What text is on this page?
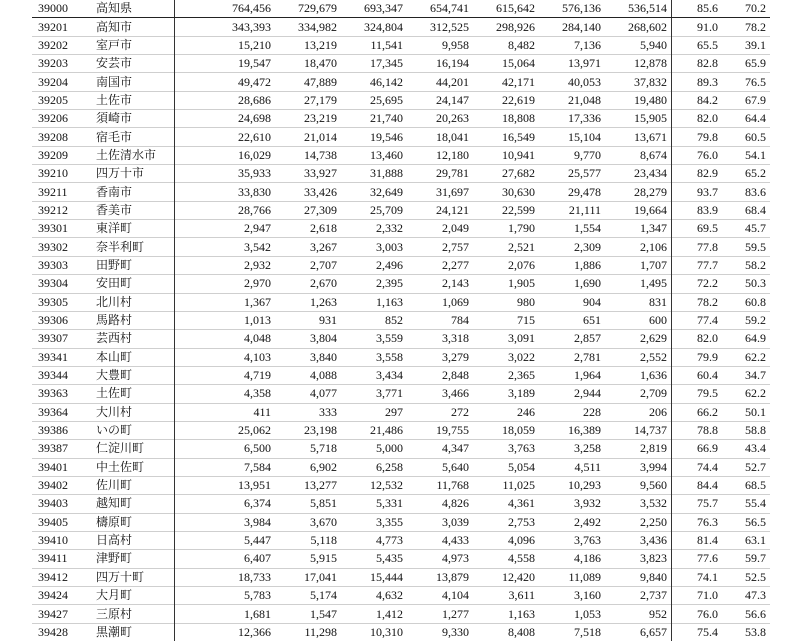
39000	高知県	764,456	729,679	693,347	654,741	615,642	576,136	536,514	85.6	70.2
39201	高知市	343,393	334,982	324,804	312,525	298,926	284,140	268,602	91.0	78.2
39202	室戸市	15,210	13,219	11,541	9,958	8,482	7,136	5,940	65.5	39.1
39203	安芸市	19,547	18,470	17,345	16,194	15,064	13,971	12,878	82.8	65.9
39204	南国市	49,472	47,889	46,142	44,201	42,171	40,053	37,832	89.3	76.5
39205	土佐市	28,686	27,179	25,695	24,147	22,619	21,048	19,480	84.2	67.9
39206	須崎市	24,698	23,219	21,740	20,263	18,808	17,336	15,905	82.0	64.4
39208	宿毛市	22,610	21,014	19,546	18,041	16,549	15,104	13,671	79.8	60.5
39209	土佐清水市	16,029	14,738	13,460	12,180	10,941	9,770	8,674	76.0	54.1
39210	四万十市	35,933	33,927	31,888	29,781	27,682	25,577	23,434	82.9	65.2
39211	香南市	33,830	33,426	32,649	31,697	30,630	29,478	28,279	93.7	83.6
39212	香美市	28,766	27,309	25,709	24,121	22,599	21,111	19,664	83.9	68.4
39301	東洋町	2,947	2,618	2,332	2,049	1,790	1,554	1,347	69.5	45.7
39302	奈半利町	3,542	3,267	3,003	2,757	2,521	2,309	2,106	77.8	59.5
39303	田野町	2,932	2,707	2,496	2,277	2,076	1,886	1,707	77.7	58.2
39304	安田町	2,970	2,670	2,395	2,143	1,905	1,690	1,495	72.2	50.3
39305	北川村	1,367	1,263	1,163	1,069	980	904	831	78.2	60.8
39306	馬路村	1,013	931	852	784	715	651	600	77.4	59.2
39307	芸西村	4,048	3,804	3,559	3,318	3,091	2,857	2,629	82.0	64.9
39341	本山町	4,103	3,840	3,558	3,279	3,022	2,781	2,552	79.9	62.2
39344	大豊町	4,719	4,088	3,434	2,848	2,365	1,964	1,636	60.4	34.7
39363	土佐町	4,358	4,077	3,771	3,466	3,189	2,944	2,709	79.5	62.2
39364	大川村	411	333	297	272	246	228	206	66.2	50.1
39386	いの町	25,062	23,198	21,486	19,755	18,059	16,389	14,737	78.8	58.8
39387	仁淀川町	6,500	5,718	5,000	4,347	3,763	3,258	2,819	66.9	43.4
39401	中土佐町	7,584	6,902	6,258	5,640	5,054	4,511	3,994	74.4	52.7
39402	佐川町	13,951	13,277	12,532	11,768	11,025	10,293	9,560	84.4	68.5
39403	越知町	6,374	5,851	5,331	4,826	4,361	3,932	3,532	75.7	55.4
39405	檮原町	3,984	3,670	3,355	3,039	2,753	2,492	2,250	76.3	56.5
39410	日高村	5,447	5,118	4,773	4,433	4,096	3,763	3,436	81.4	63.1
39411	津野町	6,407	5,915	5,435	4,973	4,558	4,186	3,823	77.6	59.7
39412	四万十町	18,733	17,041	15,444	13,879	12,420	11,089	9,840	74.1	52.5
39424	大月町	5,783	5,174	4,632	4,104	3,611	3,160	2,737	71.0	47.3
39427	三原村	1,681	1,547	1,412	1,277	1,163	1,053	952	76.0	56.6
39428	黒潮町	12,366	11,298	10,310	9,330	8,408	7,518	6,657	75.4	53.8
